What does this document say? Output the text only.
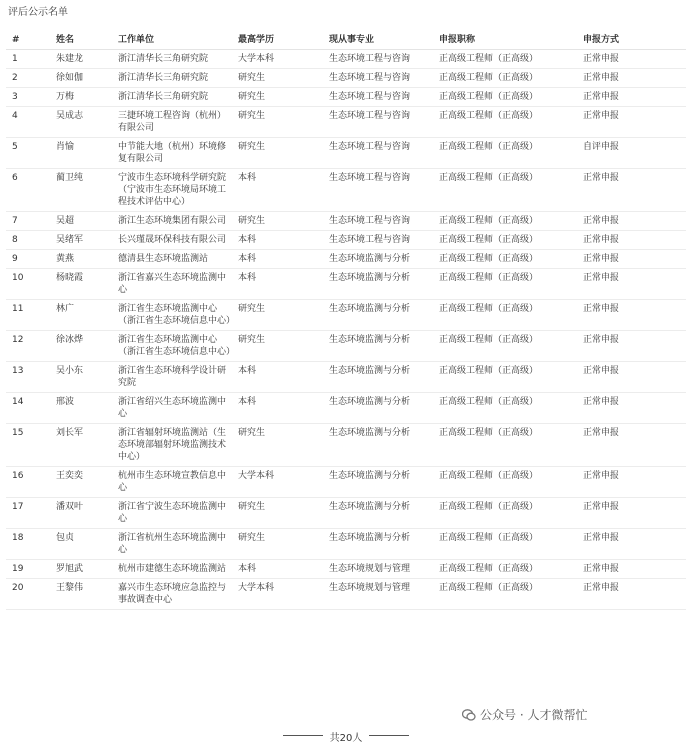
评后公示名单
#	姓名	工作单位	最高学历	现从事专业	申报职称	申报方式
1	朱建龙	浙江清华长三角研究院	大学本科	生态环境工程与咨询	正高级工程师（正高级）	正常申报
2	徐如伽	浙江清华长三角研究院	研究生	生态环境工程与咨询	正高级工程师（正高级）	正常申报
3	万梅	浙江清华长三角研究院	研究生	生态环境工程与咨询	正高级工程师（正高级）	正常申报
4	吴成志	三捷环境工程咨询（杭州）有限公司	研究生	生态环境工程与咨询	正高级工程师（正高级）	正常申报
5	肖愉	中节能大地（杭州）环境修复有限公司	研究生	生态环境工程与咨询	正高级工程师（正高级）	自评申报
6	蔺卫纯	宁波市生态环境科学研究院（宁波市生态环境局环境工程技术评估中心）	本科	生态环境工程与咨询	正高级工程师（正高级）	正常申报
7	吴超	浙江生态环境集团有限公司	研究生	生态环境工程与咨询	正高级工程师（正高级）	正常申报
8	吴绪军	长兴瑾晟环保科技有限公司	本科	生态环境工程与咨询	正高级工程师（正高级）	正常申报
9	黄燕	德清县生态环境监测站	本科	生态环境监测与分析	正高级工程师（正高级）	正常申报
10	杨晓霞	浙江省嘉兴生态环境监测中心	本科	生态环境监测与分析	正高级工程师（正高级）	正常申报
11	林广	浙江省生态环境监测中心（浙江省生态环境信息中心）	研究生	生态环境监测与分析	正高级工程师（正高级）	正常申报
12	徐冰烨	浙江省生态环境监测中心（浙江省生态环境信息中心）	研究生	生态环境监测与分析	正高级工程师（正高级）	正常申报
13	吴小东	浙江省生态环境科学设计研究院	本科	生态环境监测与分析	正高级工程师（正高级）	正常申报
14	邢波	浙江省绍兴生态环境监测中心	本科	生态环境监测与分析	正高级工程师（正高级）	正常申报
15	刘长军	浙江省辐射环境监测站（生态环境部辐射环境监测技术中心）	研究生	生态环境监测与分析	正高级工程师（正高级）	正常申报
16	王奕奕	杭州市生态环境宣教信息中心	大学本科	生态环境监测与分析	正高级工程师（正高级）	正常申报
17	潘双叶	浙江省宁波生态环境监测中心	研究生	生态环境监测与分析	正高级工程师（正高级）	正常申报
18	包贞	浙江省杭州生态环境监测中心	研究生	生态环境监测与分析	正高级工程师（正高级）	正常申报
19	罗旭武	杭州市建德生态环境监测站	本科	生态环境规划与管理	正高级工程师（正高级）	正常申报
20	王黎伟	嘉兴市生态环境应急监控与事故调查中心	大学本科	生态环境规划与管理	正高级工程师（正高级）	正常申报
共20人
公众号 · 人才微帮忙
